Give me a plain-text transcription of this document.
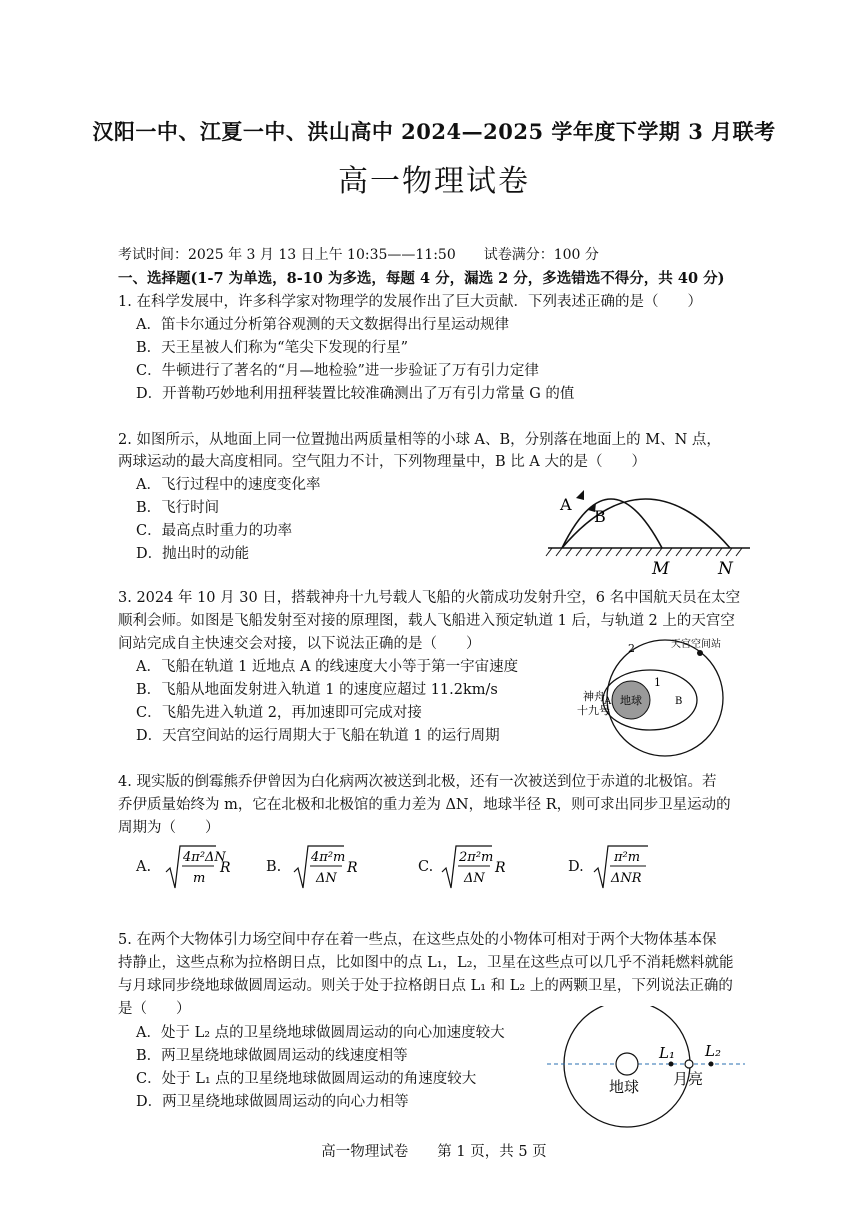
汉阳一中、江夏一中、洪山高中 2024—2025 学年度下学期 3 月联考
高一物理试卷
考试时间：2025 年 3 月 13 日上午 10:35——11:50　　试卷满分：100 分
一、选择题(1-7 为单选，8-10 为多选，每题 4 分，漏选 2 分，多选错选不得分，共 40 分)
1. 在科学发展中，许多科学家对物理学的发展作出了巨大贡献．下列表述正确的是（　　）
A．笛卡尔通过分析第谷观测的天文数据得出行星运动规律
B．天王星被人们称为“笔尖下发现的行星”
C．牛顿进行了著名的“月—地检验”进一步验证了万有引力定律
D．开普勒巧妙地利用扭秤装置比较准确测出了万有引力常量 G 的值
2. 如图所示，从地面上同一位置抛出两质量相等的小球 A、B，分别落在地面上的 M、N 点，
两球运动的最大高度相同。空气阻力不计，下列物理量中，B 比 A 大的是（　　）
A．飞行过程中的速度变化率
B．飞行时间
C．最高点时重力的功率
D．抛出时的动能
A
B
M	N
3. 2024 年 10 月 30 日，搭载神舟十九号载人飞船的火箭成功发射升空，6 名中国航天员在太空
顺利会师。如图是飞船发射至对接的原理图，载人飞船进入预定轨道 1 后，与轨道 2 上的天宫空
间站完成自主快速交会对接，以下说法正确的是（　　）
A．飞船在轨道 1 近地点 A 的线速度大小等于第一宇宙速度
B．飞船从地面发射进入轨道 1 的速度应超过 11.2km/s
C．飞船先进入轨道 2，再加速即可完成对接
D．天宫空间站的运行周期大于飞船在轨道 1 的运行周期
天宫空间站
2
1
地球
神舟
十九号
A	B
4. 现实版的倒霉熊乔伊曾因为白化病两次被送到北极，还有一次被送到位于赤道的北极馆。若
乔伊质量始终为 m，它在北极和北极馆的重力差为 ΔN，地球半径 R，则可求出同步卫星运动的
周期为（　　）
A.
4π²ΔN
m
R B.
4π²m
ΔN
R	C.
2π²m
ΔN
R	D.
π²m
ΔNR
5. 在两个大物体引力场空间中存在着一些点，在这些点处的小物体可相对于两个大物体基本保
持静止，这些点称为拉格朗日点，比如图中的点 L₁，L₂，卫星在这些点可以几乎不消耗燃料就能
与月球同步绕地球做圆周运动。则关于处于拉格朗日点 L₁ 和 L₂ 上的两颗卫星，下列说法正确的
是（　　）
A．处于 L₂ 点的卫星绕地球做圆周运动的向心加速度较大
B．两卫星绕地球做圆周运动的线速度相等
C．处于 L₁ 点的卫星绕地球做圆周运动的角速度较大
D．两卫星绕地球做圆周运动的向心力相等
L₁ L₂
地球 月亮
高一物理试卷　　第 1 页，共 5 页
